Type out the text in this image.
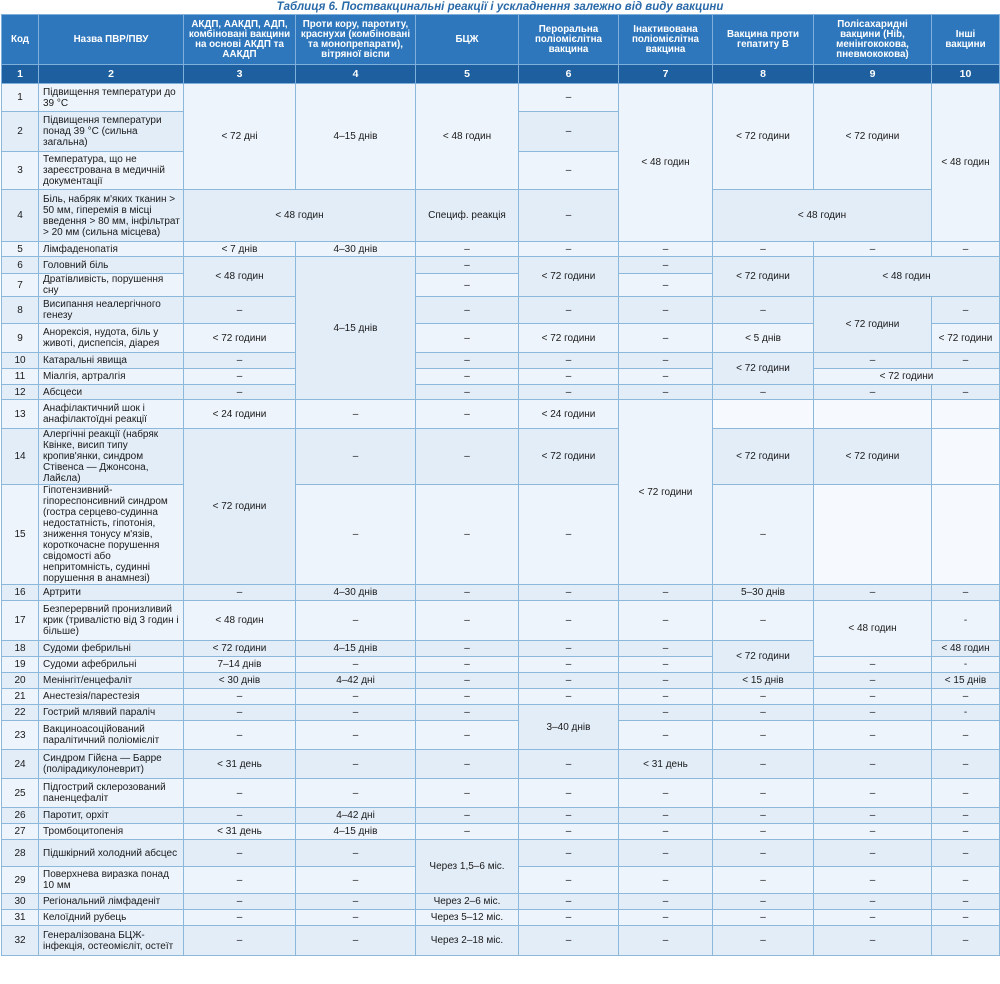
Таблиця 6. Поствакцинальні реакції і ускладнення залежно від виду вакцини
Код	Назва ПВР/ПВУ	АКДП, ААКДП, АДП, комбіновані вакцини на основі АКДП та ААКДП	Проти кору, паротиту, краснухи (комбіновані та монопрепарати), вітряної віспи	БЦЖ	Пероральна поліомієлітна вакцина	Інактивована поліомієлітна вакцина	Вакцина проти гепатиту В	Полісахаридні вакцини (Hib, менінгококова, пневмококова)	Інші вакцини	
1	2	3	4	5	6	7	8	9	10	
1	Підвищення температури до 39 °С	< 72 дні	4–15 днів	< 48 годин	–	< 48 годин	< 72 години	< 72 години	< 48 годин	
2	Підвищення температури понад 39 °С (сильна загальна)				–					
3	Температура, що не зареєстрована в медичній документації				–					
4	Біль, набряк м'яких тканин > 50 мм, гіперемія в місці введення > 80 мм, інфільтрат > 20 мм (сильна місцева)	< 48 годин		Специф. реакція	–		< 48 годин			
5	Лімфаденопатія	< 7 днів	4–30 днів	–	–	–	–	–	–	
6	Головний біль	< 48 годин	4–15 днів	–	< 72 години	–	< 72 години	< 48 годин		
7	Дратівливість, порушення сну			–		–				
8	Висипання неалергічного генезу	–		–	–	–	–	< 72 години	–	
9	Анорексія, нудота, біль у животі, диспепсія, діарея	< 72 години		–	< 72 години	–	< 5 днів		< 72 години	
10	Катаральні явища	–		–	–	–	< 72 години	–	–	
11	Міалгія, артралгія	–		–	–	–		< 72 години		
12	Абсцеси	–		–	–	–	–	–	–	
13	Анафілактичний шок і анафілактоїдні реакції	< 24 години	–	–	< 24 години	< 72 години				
14	Алергічні реакції (набряк Квінке, висип типу кропив'янки, синдром Стівенса — Джонсона, Лайєла)	< 72 години	–	–	< 72 години		< 72 години	< 72 години		
15	Гіпотензивний-гіпореспонсивний синдром (гостра серцево-судинна недостатність, гіпотонія, зниження тонусу м'язів, короткочасне порушення свідомості або непритомність, судинні порушення в анамнезі)		–	–	–		–			
16	Артрити	–	4–30 днів	–	–	–	5–30 днів	–	–	
17	Безперервний пронизливий крик (тривалістю від 3 годин і більше)	< 48 годин	–	–	–	–	–	< 48 годин	-	
18	Судоми фебрильні	< 72 години	4–15 днів	–	–	–	< 72 години		< 48 годин	
19	Судоми афебрильні	7–14 днів	–	–	–	–		–	-	
20	Менінгіт/енцефаліт	< 30 днів	4–42 дні	–	–	–	< 15 днів	–	< 15 днів	
21	Анестезія/парестезія	–	–	–	–	–	–	–	–	
22	Гострий млявий параліч	–	–	–	3–40 днів	–	–	–	-	
23	Вакциноасоційований паралітичний поліомієліт	–	–	–		–	–	–	–	
24	Синдром Гійєна — Барре (полірадикулоневрит)	< 31 день	–	–	–	< 31 день	–	–	–	
25	Підгострий склерозований паненцефаліт	–	–	–	–	–	–	–	–	
26	Паротит, орхіт	–	4–42 дні	–	–	–	–	–	–	
27	Тромбоцитопенія	< 31 день	4–15 днів	–	–	–	–	–	–	
28	Підшкірний холодний абсцес	–	–	Через 1,5–6 міс.	–	–	–	–	–	
29	Поверхнева виразка понад 10 мм	–	–		–	–	–	–	–	
30	Регіональний лімфаденіт	–	–	Через 2–6 міс.	–	–	–	–	–	
31	Келоїдний рубець	–	–	Через 5–12 міс.	–	–	–	–	–	
32	Генералізована БЦЖ-інфекція, остеомієліт, остеїт	–	–	Через 2–18 міс.	–	–	–	–	–	
